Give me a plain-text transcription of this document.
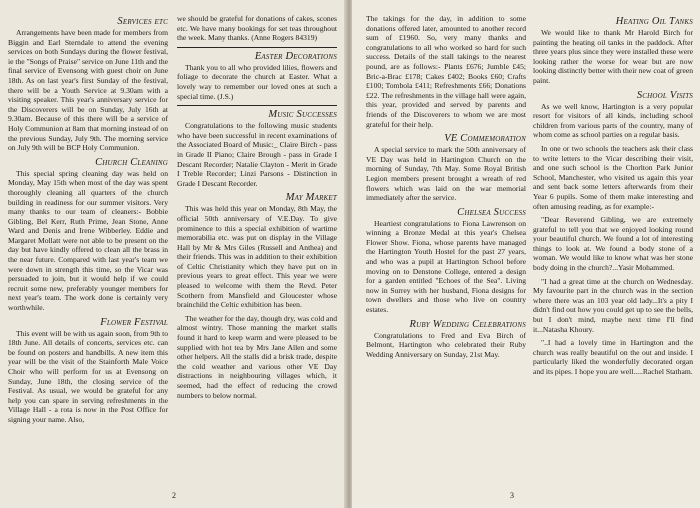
Services etc

Arrangements have been made for members from Biggin and Earl Sterndale to attend the evening services on both Sundays during the flower festival, ie the "Songs of Praise" service on June 11th and the final service of Evensong with guest choir on June 18th. As on last year's first Sunday of the festival, there will be a Youth Service at 9.30am with a visiting speaker. This year's anniversary service for the Discoverers will be on Sunday, July 16th at 9.30am. Because of this there will be a service of Holy Communion at 8am that morning instead of on the previous Sunday, July 9th. The morning service on July 9th will be BCP Holy Communion.

Church Cleaning

This special spring cleaning day was held on Monday, May 15th when most of the day was spent thoroughly cleaning all quarters of the church building in readiness for our summer visitors. Very many thanks to our team of cleaners:- Bobbie Gibling, Bel Kerr, Ruth Prime, Jean Stone, Anne Ward and Denis and Irene Wibberley. Eddie and Margaret Mollatt were not able to be present on the day but have kindly offered to clean all the brass in the near future. Compared with last year's team we were down in strength this time, so the Vicar was persuaded to join, but it would help if we could recruit some new, preferably younger members for next year's team. The work done is certainly very worthwhile.

Flower Festival

This event will be with us again soon, from 9th to 18th June. All details of concerts, services etc. can be found on posters and handbills. A new item this year will be the visit of the Stainforth Male Voice Choir who will perform for us at Evensong on Sunday, June 18th, the closing service of the Festival. As usual, we would be grateful for any help you can spare in serving refreshments in the Village Hall - a rota is now in the Post Office for signing your name. Also,

we should be grateful for donations of cakes, scones etc. We have many bookings for set teas throughout the week. Many thanks. (Anne Rogers 84319)

Easter Decorations

Thank you to all who provided lilies, flowers and foliage to decorate the church at Easter. What a lovely way to remember our loved ones at such a special time. (J.S.)

Music Successes

Congratulations to the following music students who have been successful in recent examinations of the Associated Board of Music:_ Claire Birch - pass in Grade II Piano; Claire Brough - pass in Grade I Descant Recorder; Natalie Clayton - Merit in Grade I Treble Recorder; Linzi Parsons - Distinction in Grade I Descant Recorder.

May Market

This was held this year on Monday, 8th May, the official 50th anniversary of V.E.Day. To give prominence to this a special exhibition of wartime memorabilia etc. was put on display in the Village Hall by Mr & Mrs Giles (Russell and Anthea) and their friends. This was in addition to their exhibition of Celtic Christianity which they have put on in previous years to great effect. This year we were pleased to welcome with them the Revd. Peter Scothern from Mansfield and Gloucester whose brainchild the Celtic exhibition has been.

The weather for the day, though dry, was cold and almost wintry. Those manning the market stalls found it hard to keep warm and were pleased to be supplied with hot tea by Mrs Jane Allen and some other helpers. All the stalls did a brisk trade, despite the cold weather and various other VE Day distractions in neighbouring villages which, it seemed, had the effect of reducing the crowd numbers to below normal.

2

The takings for the day, in addition to some donations offered later, amounted to another record sum of £1960. So, very many thanks and congratulations to all who worked so hard for such success. Details of the stall takings to the nearest pound, are as follows:- Plants £676; Jumble £45; Bric-a-Brac £178; Cakes £402; Books £60; Crafts £100; Tombola £411; Refreshments £66; Donations £22. The refreshments in the village hall were again, this year, provided and served by parents and friends of the Discoverers to whom we are most grateful for their help.

VE Commemoration

A special service to mark the 50th anniversary of VE Day was held in Hartington Church on the morning of Sunday, 7th May. Some Royal British Legion members present brought a wreath of red flowers which was laid on the war memorial immediately after the service.

Chelsea Success

Heartiest congratulations to Fiona Lawrenson on winning a Bronze Medal at this year's Chelsea Flower Show. Fiona, whose parents have managed the Hartington Youth Hostel for the past 27 years, and who was a pupil at Hartington School before moving on to Denstone College, entered a design for a garden entitled "Echoes of the Sea". Living now in Surrey with her husband, Fiona designs for town dwellers and those who live on country estates.

Ruby Wedding Celebrations

Congratulations to Fred and Eva Birch of Belmont, Hartington who celebrated their Ruby Wedding Anniversary on Sunday, 21st May.

Heating Oil Tanks

We would like to thank Mr Harold Birch for painting the heating oil tanks in the paddock. After three years plus since they were installed these were looking rather the worse for wear but are now looking distinctly better with their new coat of green paint.

School Visits

As we well know, Hartington is a very popular resort for visitors of all kinds, including school children from various parts of the country, many of whom come as school parties on a regular basis.

In one or two schools the teachers ask their class to write letters to the Vicar describing their visit, and one such school is the Chorlton Park Junior School, Manchester, who visited us again this year and sent back some letters afterwards from their Year 6 pupils. Some of them make interesting and often amusing reading, as for example:-

"Dear Reverend Gibling, we are extremely grateful to tell you that we enjoyed looking round your beautiful church. We found a lot of interesting things to look at. We found a body stone of a woman. We would like to know what was her stone body doing in the church?...Yasir Mohammed.

"I had a great time at the church on Wednesday. My favourite part in the church was in the section where there was an 103 year old lady...It's a pity I didn't find out how you could get up to see the bells, but I don't mind, maybe next time I'll find it...Natasha Khoury.

"..I had a lovely time in Hartington and the church was really beautiful on the out and inside. I particularly liked the wonderfully decorated organ and its pipes. I hope you are well.....Rachel Statham.

3
